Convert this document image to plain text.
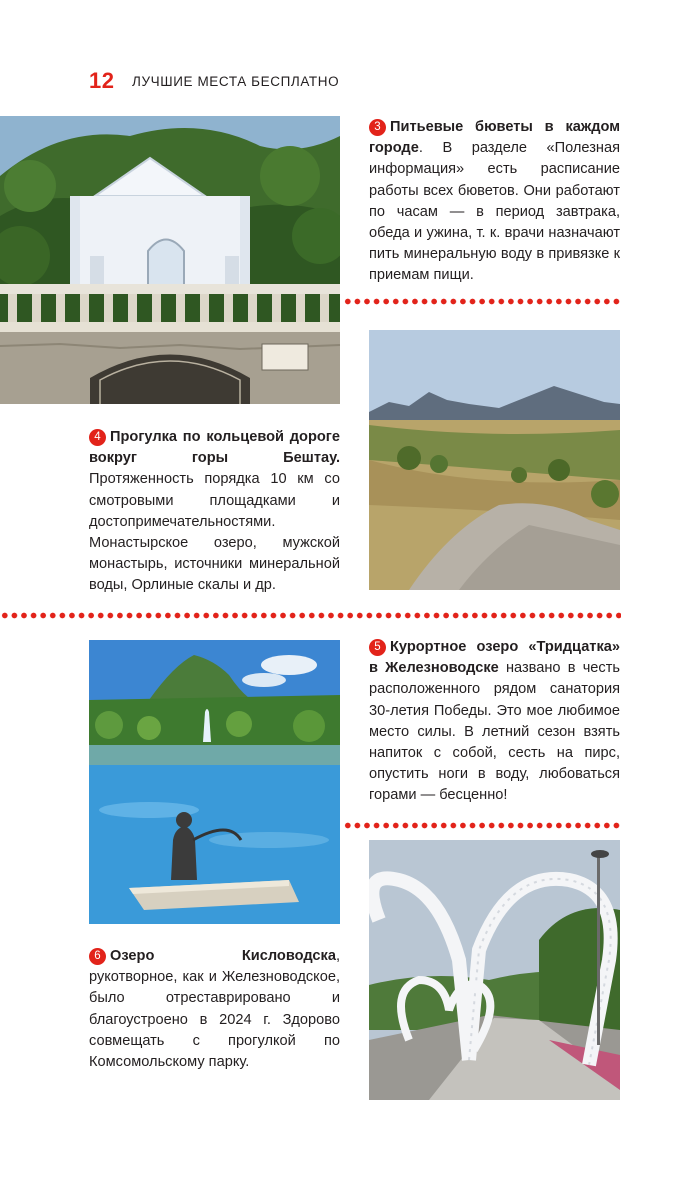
12 ЛУЧШИЕ МЕСТА БЕСПЛАТНО
3 Питьевые бюветы в каждом городе. В разделе «Полезная информация» есть расписание работы всех бюветов. Они работают по часам — в период завтрака, обеда и ужина, т. к. врачи назначают пить минеральную воду в привязке к приемам пищи.
4 Прогулка по кольцевой дороге вокруг горы Бештау. Протяженность порядка 10 км со смотровыми площадками и достопримечательностями. Монастырское озеро, мужской монастырь, источники минеральной воды, Орлиные скалы и др.
5 Курортное озеро «Тридцатка» в Железноводске названо в честь расположенного рядом санатория 30-летия Победы. Это мое любимое место силы. В летний сезон взять напиток с собой, сесть на пирс, опустить ноги в воду, любоваться горами — бесценно!
6 Озеро Кисловодска, рукотворное, как и Железноводское, было отреставрировано и благоустроено в 2024 г. Здорово совмещать с прогулкой по Комсомольскому парку.
